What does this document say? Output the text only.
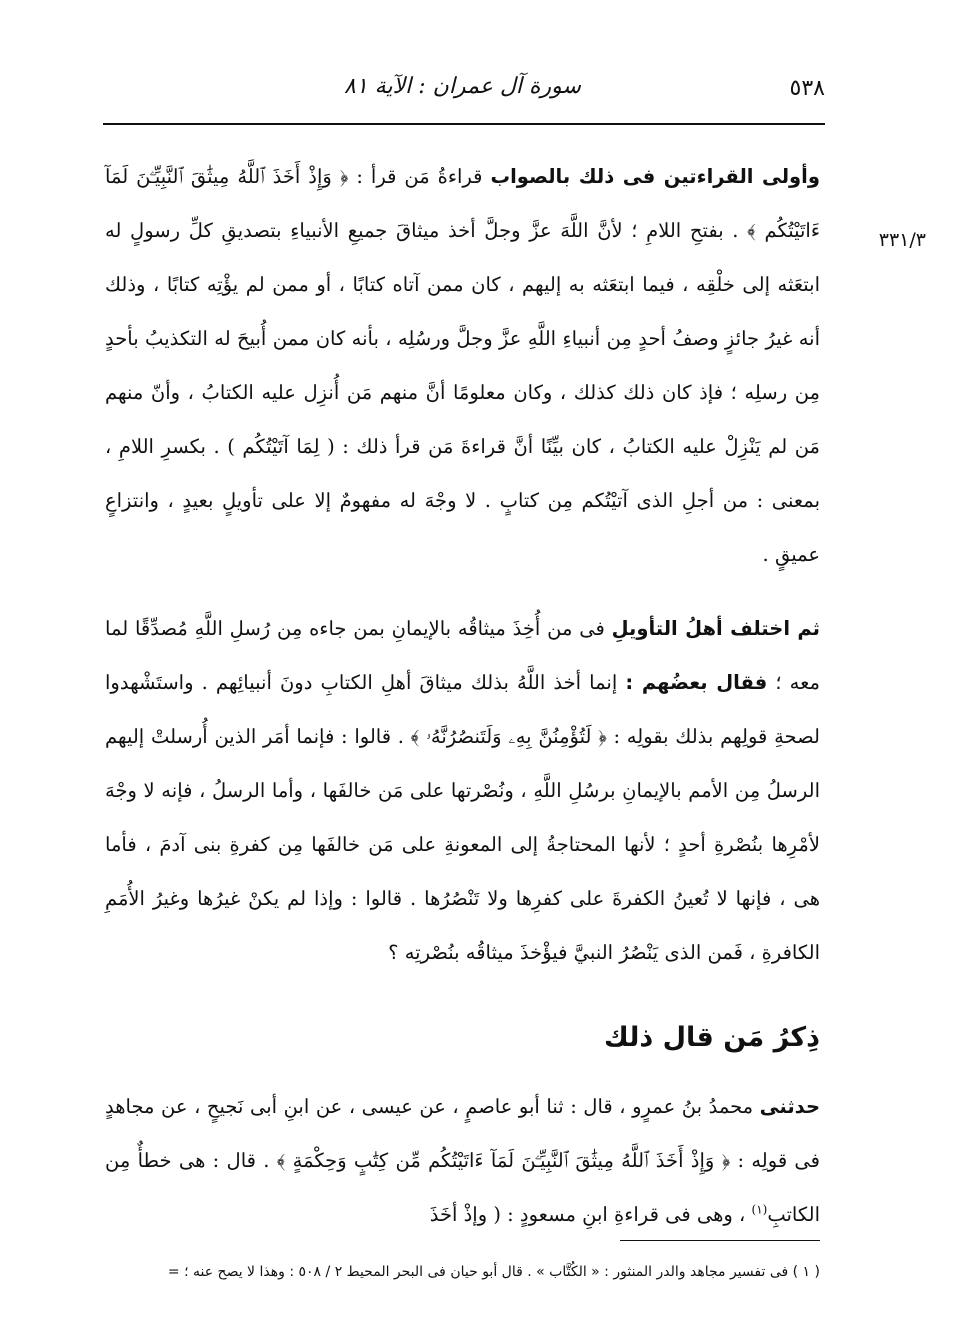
٥٣٨
سورة آل عمران : الآية ٨١
٣٣١/٣

وأولى القراءتين فى ذلك بالصواب قراءةُ مَن قرأ : ﴿ وَإِذْ أَخَذَ ٱللَّهُ مِيثَٰقَ ٱلنَّبِيِّـۧنَ لَمَآ ءَاتَيْتُكُم ﴾ . بفتحِ اللامِ ؛ لأنَّ اللَّهَ عزَّ وجلَّ أخذ ميثاقَ جميعِ الأنبياءِ بتصديقِ كلِّ رسولٍ له ابتعَثه إلى خلْقِه ، فيما ابتعَثه به إليهم ، كان ممن آتاه كتابًا ، أو ممن لم يؤْتِه كتابًا ، وذلك أنه غيرُ جائزٍ وصفُ أحدٍ مِن أنبياءِ اللَّهِ عزَّ وجلَّ ورسُلِه ، بأنه كان ممن أُبيحَ له التكذيبُ بأحدٍ مِن رسلِه ؛ فإذ كان ذلك كذلك ، وكان معلومًا أنَّ منهم مَن أُنزِل عليه الكتابُ ، وأنّ منهم مَن لم يَنْزِلْ عليه الكتابُ ، كان بيِّنًا أنَّ قراءةَ مَن قرأ ذلك : ( لِمَا آتَيْتُكُم ) . بكسرِ اللامِ ، بمعنى : من أجلِ الذى آتيْتُكم مِن كتابٍ . لا وجْهَ له مفهومٌ إلا على تأويلٍ بعيدٍ ، وانتزاعٍ عميقٍ .

ثم اختلف أهلُ التأويلِ فى من أُخِذَ ميثاقُه بالإيمانِ بمن جاءه مِن رُسلِ اللَّهِ مُصدِّقًا لما معه ؛ فقال بعضُهم : إنما أخذ اللَّهُ بذلك ميثاقَ أهلِ الكتابِ دونَ أنبيائِهم . واستَشْهدوا لصحةِ قولِهم بذلك بقولِه : ﴿ لَتُؤْمِنُنَّ بِهِۦ وَلَتَنصُرُنَّهُۥ ﴾ . قالوا : فإنما أمَر الذين أُرسلتْ إليهم الرسلُ مِن الأمم بالإيمانِ برسُلِ اللَّهِ ، ونُصْرتها على مَن خالفَها ، وأما الرسلُ ، فإنه لا وجْهَ لأمْرِها بنُصْرةِ أحدٍ ؛ لأنها المحتاجةُ إلى المعونةِ على مَن خالفَها مِن كفرةِ بنى آدمَ ، فأما هى ، فإنها لا تُعينُ الكفرةَ على كفرِها ولا تَنْصُرُها . قالوا : وإذا لم يكنْ غيرُها وغيرُ الأُمَمِ الكافرةِ ، فَمن الذى يَنْصُرُ النبيَّ فيؤْخذَ ميثاقُه بنُصْرتِه ؟

ذِكرُ مَن قال ذلك

حدثنى محمدُ بنُ عمرٍو ، قال : ثنا أبو عاصمٍ ، عن عيسى ، عن ابنِ أبى نَجيحٍ ، عن مجاهدٍ فى قولِه : ﴿ وَإِذْ أَخَذَ ٱللَّهُ مِيثَٰقَ ٱلنَّبِيِّـۧنَ لَمَآ ءَاتَيْتُكُم مِّن كِتَٰبٍ وَحِكْمَةٍ ﴾ . قال : هى خطأٌ مِن الكاتبِ$^{(١)}$ ، وهى فى قراءةِ ابنِ مسعودٍ : ( وإذْ أخَذَ

( ١ ) فى تفسير مجاهد والدر المنثور : « الكُتَّاب » . قال أبو حيان فى البحر المحيط ٢ / ٥٠٨ : وهذا لا يصح عنه ؛ =
